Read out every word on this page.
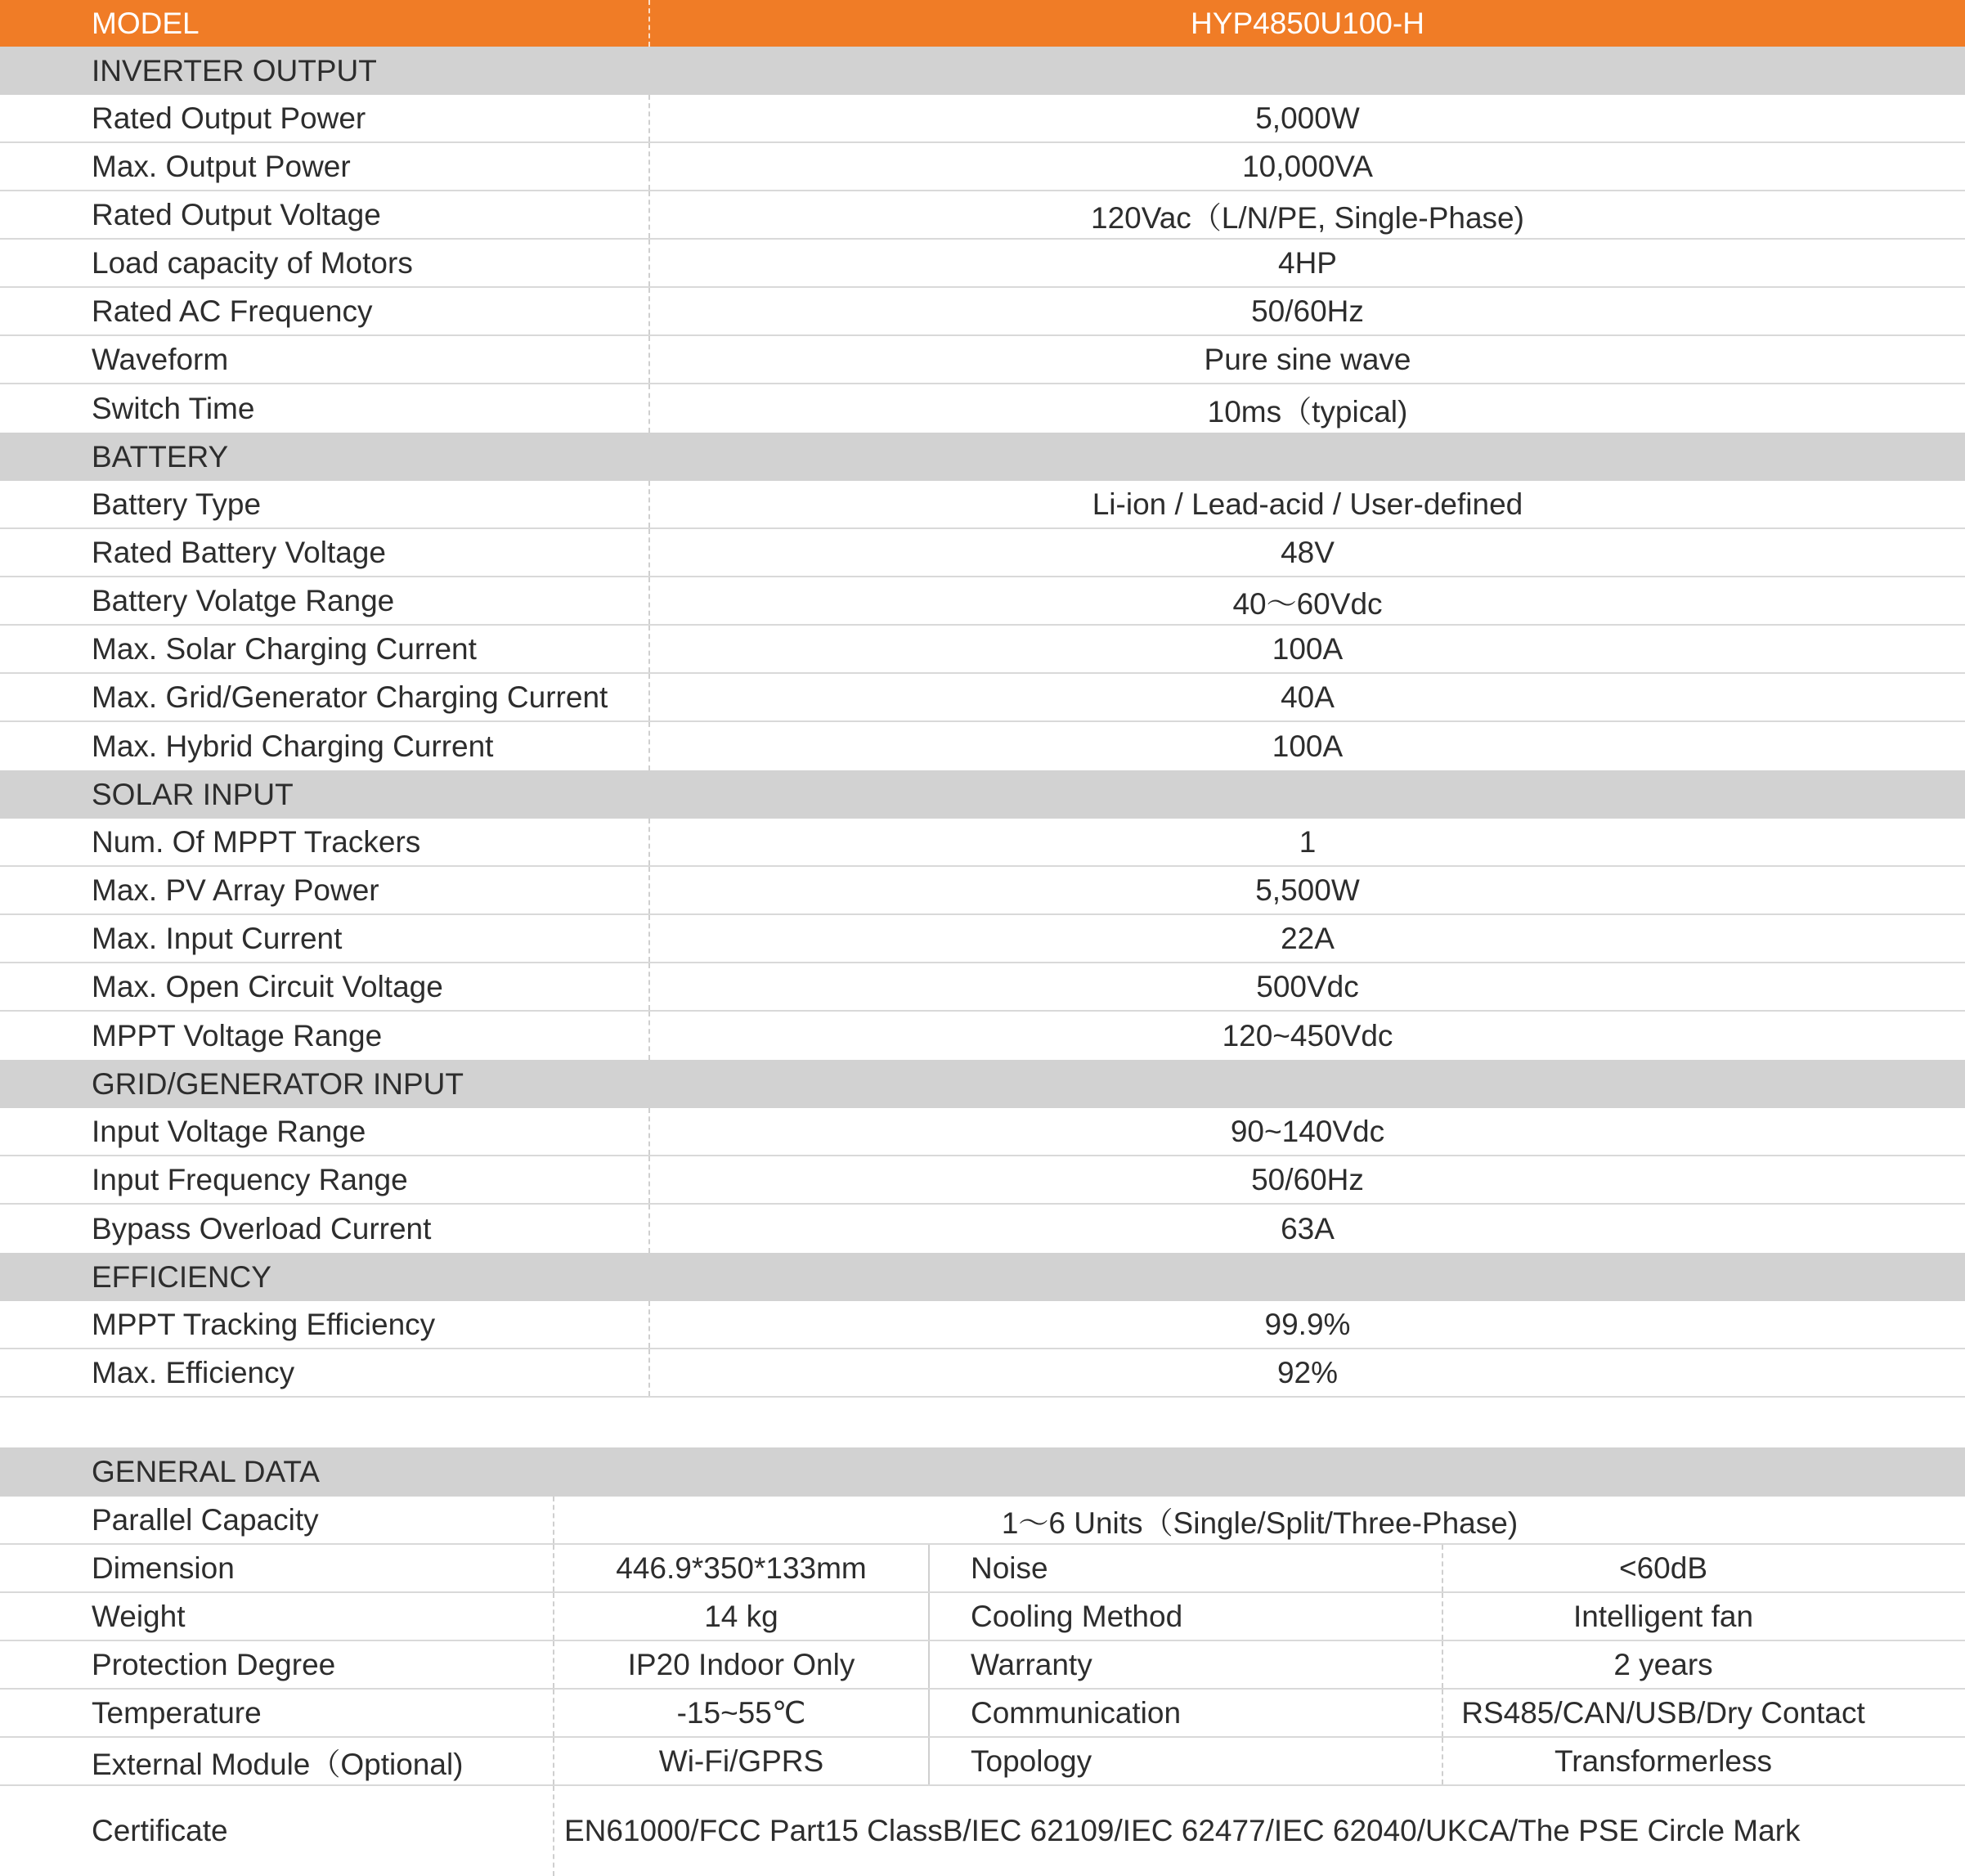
MODEL	HYP4850U100-H
INVERTER OUTPUT
Rated Output Power	5,000W
Max. Output Power	10,000VA
Rated Output Voltage	120Vac（L/N/PE, Single-Phase)
Load capacity of Motors	4HP
Rated AC Frequency	50/60Hz
Waveform	Pure sine wave
Switch Time	10ms（typical)
BATTERY
Battery Type	Li-ion / Lead-acid / User-defined
Rated Battery Voltage	48V
Battery Volatge Range	40～60Vdc
Max. Solar Charging Current	100A
Max. Grid/Generator Charging Current	40A
Max. Hybrid Charging Current	100A
SOLAR INPUT
Num. Of MPPT Trackers	1
Max. PV Array Power	5,500W
Max. Input Current	22A
Max. Open Circuit Voltage	500Vdc
MPPT Voltage Range	120~450Vdc
GRID/GENERATOR INPUT
Input Voltage Range	90~140Vdc
Input Frequency Range	50/60Hz
Bypass Overload Current	63A
EFFICIENCY
MPPT Tracking Efficiency	99.9%
Max. Efficiency	92%
GENERAL DATA
Parallel Capacity	1～6 Units（Single/Split/Three-Phase)
Dimension	446.9*350*133mm	Noise	<60dB
Weight	14 kg	Cooling Method	Intelligent fan
Protection Degree	IP20 Indoor Only	Warranty	2 years
Temperature	-15~55℃	Communication	RS485/CAN/USB/Dry Contact
External Module（Optional)	Wi-Fi/GPRS	Topology	Transformerless
Certificate	EN61000/FCC Part15 ClassB/IEC 62109/IEC 62477/IEC 62040/UKCA/The PSE Circle Mark
